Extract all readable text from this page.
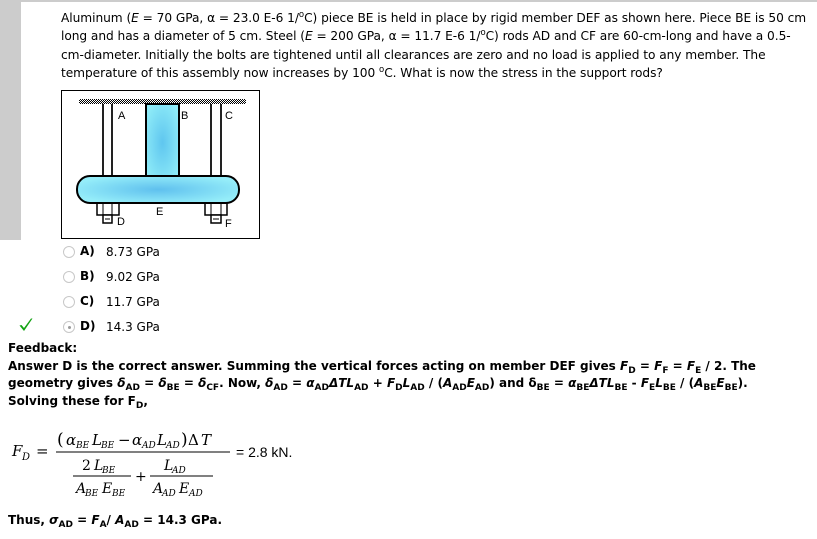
Aluminum (E = 70 GPa, α = 23.0 E-6 1/$^o$C) piece BE is held in place by rigid member DEF as shown here. Piece BE is 50 cm long and has a diameter of 5 cm. Steel (E = 200 GPa, α = 11.7 E-6 1/$^o$C) rods AD and CF are 60-cm-long and have a 0.5-cm-diameter. Initially the bolts are tightened until all clearances are zero and no load is applied to any member. The temperature of this assembly now increases by 100 $^o$C. What is now the stress in the support rods?
A	B	C
E
D	F
A) 8.73 GPa
B) 9.02 GPa
C) 11.7 GPa
D) 14.3 GPa
Feedback:
Answer D is the correct answer. Summing the vertical forces acting on member DEF gives $F_D = F_F = F_E / 2$. The
geometry gives $\delta_{AD} = \delta_{BE} = \delta_{CF}$. Now, $\delta_{AD} = \alpha_{AD}\Delta TL_{AD} + F_DL_{AD} / (A_{AD}E_{AD})$ and $\delta_{BE} = \alpha_{BE}\Delta TL_{BE} - F_EL_{BE} / (A_{BE}E_{BE})$.
Solving these for $F_D$,
F D =
( α BE L BE − α AD L AD ) Δ T
2 L
BE
A
BE E BE
+
L
AD
A
AD E AD
= 2.8 kN.
Thus, $\sigma_{AD} = F_A/$ $A_{AD} = 14.3$ GPa.
